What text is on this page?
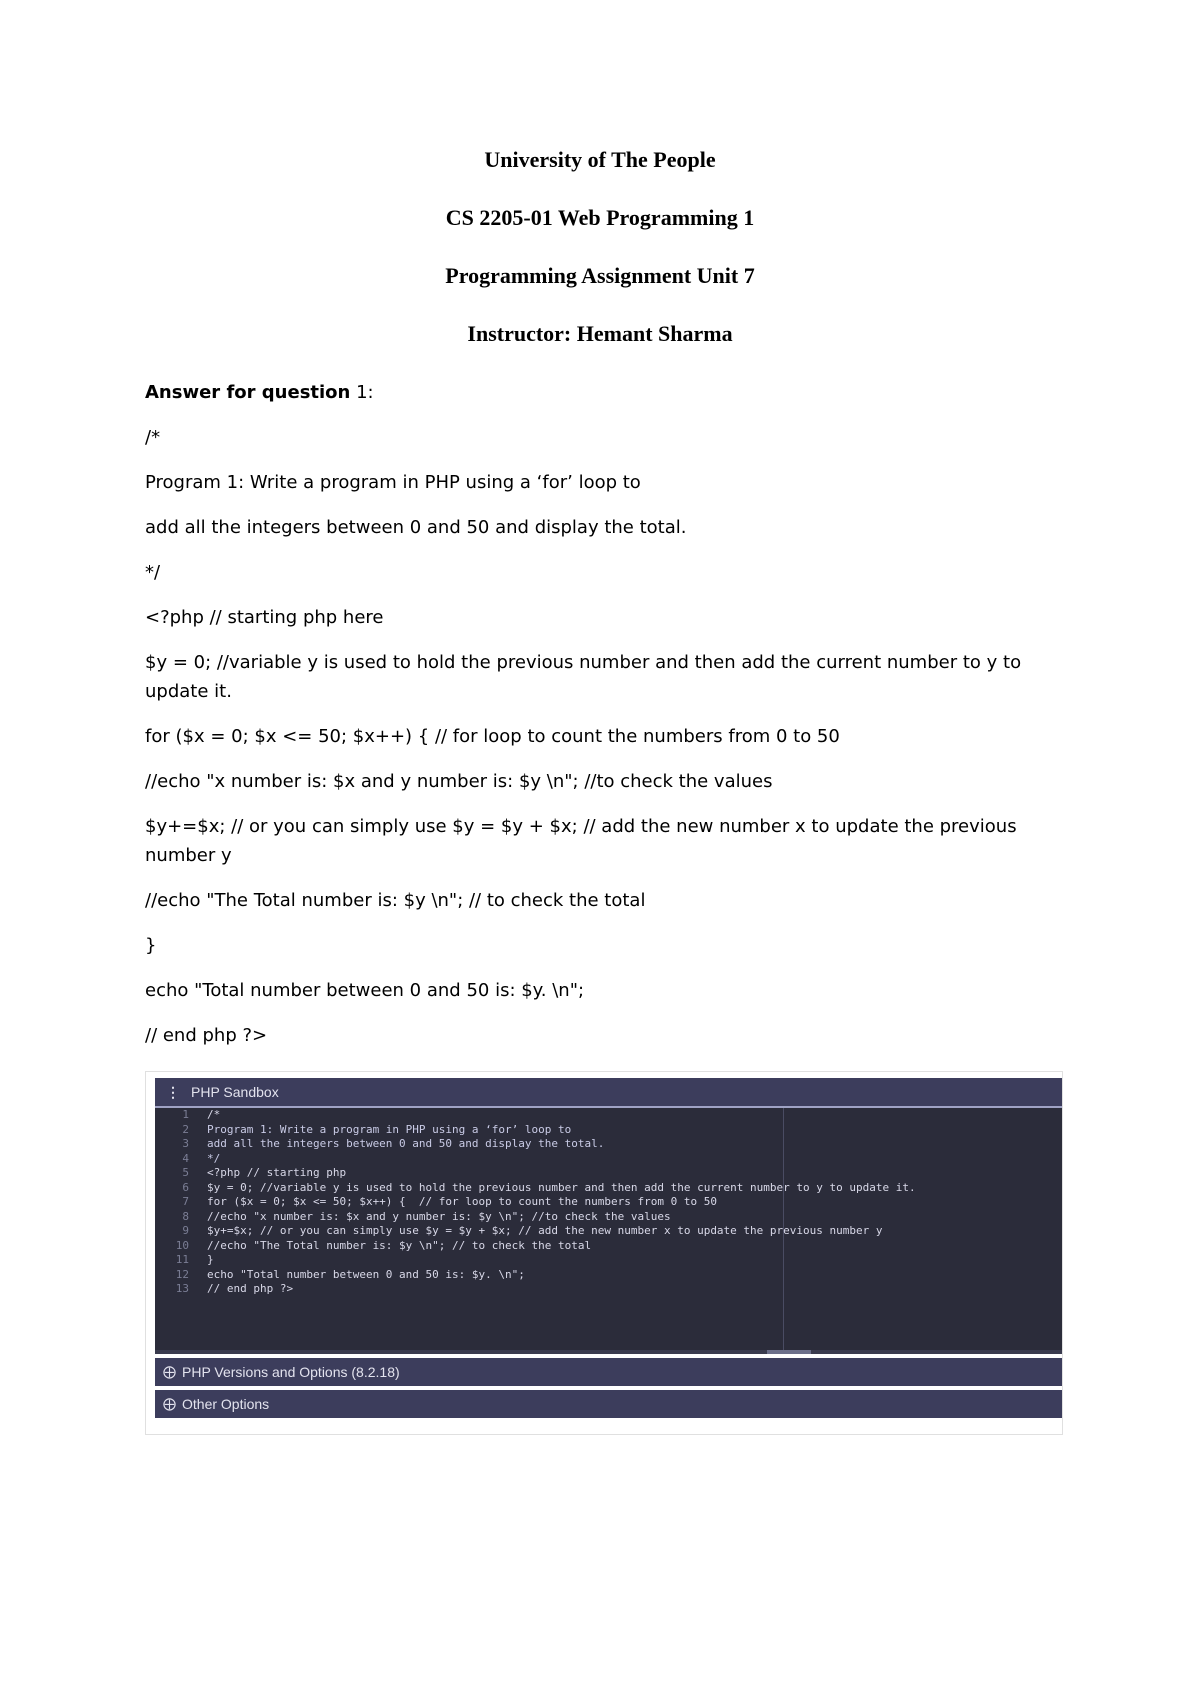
University of The People
CS 2205-01 Web Programming 1
Programming Assignment Unit 7
Instructor: Hemant Sharma

Answer for question 1:

/*

Program 1: Write a program in PHP using a ‘for’ loop to

add all the integers between 0 and 50 and display the total.

*/

<?php // starting php here

$y = 0; //variable y is used to hold the previous number and then add the current number to y to update it.

for ($x = 0; $x <= 50; $x++) { // for loop to count the numbers from 0 to 50

//echo "x number is: $x and y number is: $y \n"; //to check the values

$y+=$x; // or you can simply use $y = $y + $x; // add the new number x to update the previous number y

//echo "The Total number is: $y \n"; // to check the total

}

echo "Total number between 0 and 50 is: $y. \n";

// end php ?>

⋮ PHP Sandbox
1 /*
2 Program 1: Write a program in PHP using a ‘for’ loop to
3 add all the integers between 0 and 50 and display the total.
4 */
5 <?php // starting php
6 $y = 0; //variable y is used to hold the previous number and then add the current number to y to update it.
7 for ($x = 0; $x <= 50; $x++) {  // for loop to count the numbers from 0 to 50
8 //echo "x number is: $x and y number is: $y \n"; //to check the values
9 $y+=$x; // or you can simply use $y = $y + $x; // add the new number x to update the previous number y
10 //echo "The Total number is: $y \n"; // to check the total
11 }
12 echo "Total number between 0 and 50 is: $y. \n";
13 // end php ?>
⨁ PHP Versions and Options (8.2.18)
⨁ Other Options
